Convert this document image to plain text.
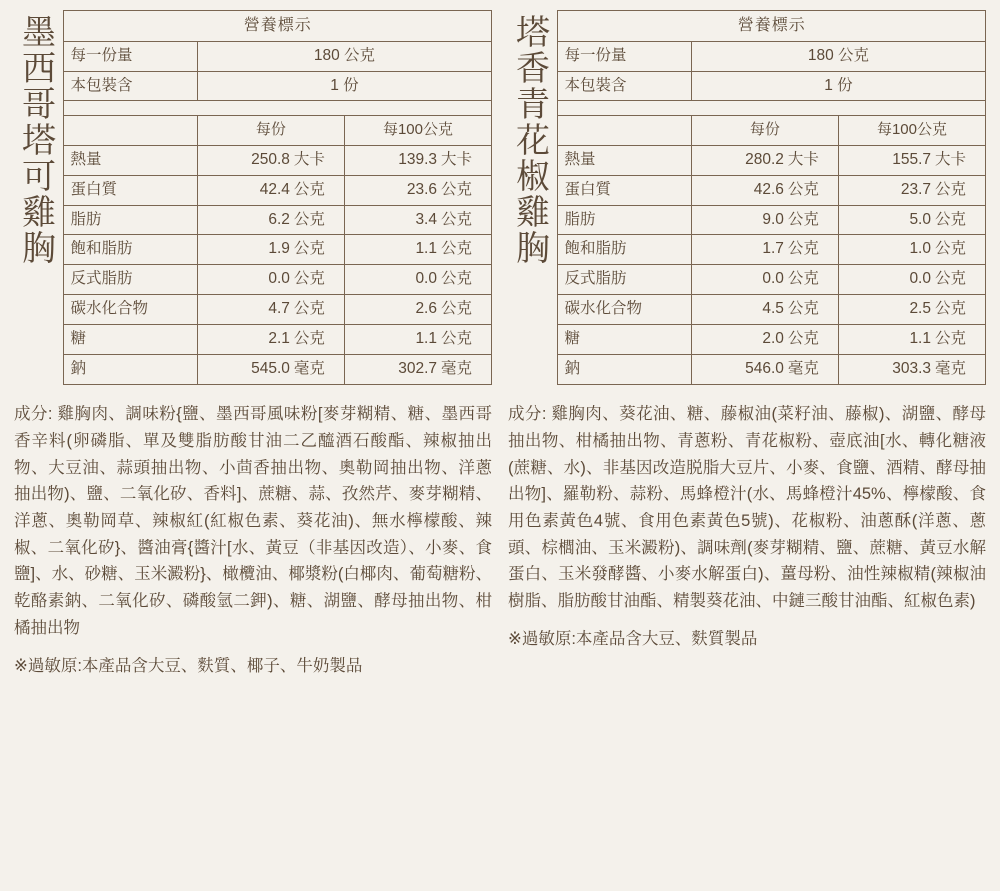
墨西哥塔可雞胸	營養標示		
每一份量	180 公克	
本包裝含	1 份	

	每份	每100公克
熱量	250.8 大卡	139.3 大卡

蛋白質	42.4 公克	23.6 公克

脂肪	6.2 公克	3.4 公克

飽和脂肪	1.9 公克	1.1 公克

反式脂肪	0.0 公克	0.0 公克

碳水化合物	4.7 公克	2.6 公克

糖	2.1 公克	1.1 公克

鈉	545.0 毫克	302.7 毫克
成分: 雞胸肉、調味粉{鹽、墨西哥風味粉[麥芽糊精、糖、墨西哥香辛料(卵磷脂、單及雙脂肪酸甘油二乙醯酒石酸酯、辣椒抽出物、大豆油、蒜頭抽出物、小茴香抽出物、奧勒岡抽出物、洋蔥抽出物)、鹽、二氧化矽、香料]、蔗糖、蒜、孜然芹、麥芽糊精、洋蔥、奧勒岡草、辣椒紅(紅椒色素、葵花油)、無水檸檬酸、辣椒、二氧化矽}、醬油膏{醬汁[水、黃豆（非基因改造）、小麥、食鹽]、水、砂糖、玉米澱粉}、橄欖油、椰漿粉(白椰肉、葡萄糖粉、乾酪素鈉、二氧化矽、磷酸氫二鉀)、糖、湖鹽、酵母抽出物、柑橘抽出物
※過敏原:本產品含大豆、麩質、椰子、牛奶製品
塔香青花椒雞胸	營養標示		
每一份量	180 公克	
本包裝含	1 份	

	每份	每100公克
熱量	280.2 大卡	155.7 大卡

蛋白質	42.6 公克	23.7 公克

脂肪	9.0 公克	5.0 公克

飽和脂肪	1.7 公克	1.0 公克

反式脂肪	0.0 公克	0.0 公克

碳水化合物	4.5 公克	2.5 公克

糖	2.0 公克	1.1 公克

鈉	546.0 毫克	303.3 毫克
成分: 雞胸肉、葵花油、糖、藤椒油(菜籽油、藤椒)、湖鹽、酵母抽出物、柑橘抽出物、青蔥粉、青花椒粉、壺底油[水、轉化糖液(蔗糖、水)、非基因改造脱脂大豆片、小麥、食鹽、酒精、酵母抽出物]、羅勒粉、蒜粉、馬蜂橙汁(水、馬蜂橙汁45%、檸檬酸、食用色素黃色4號、食用色素黃色5號)、花椒粉、油蔥酥(洋蔥、蔥頭、棕櫚油、玉米澱粉)、調味劑(麥芽糊精、鹽、蔗糖、黃豆水解蛋白、玉米發酵醬、小麥水解蛋白)、薑母粉、油性辣椒精(辣椒油樹脂、脂肪酸甘油酯、精製葵花油、中鏈三酸甘油酯、紅椒色素)
※過敏原:本產品含大豆、麩質製品
